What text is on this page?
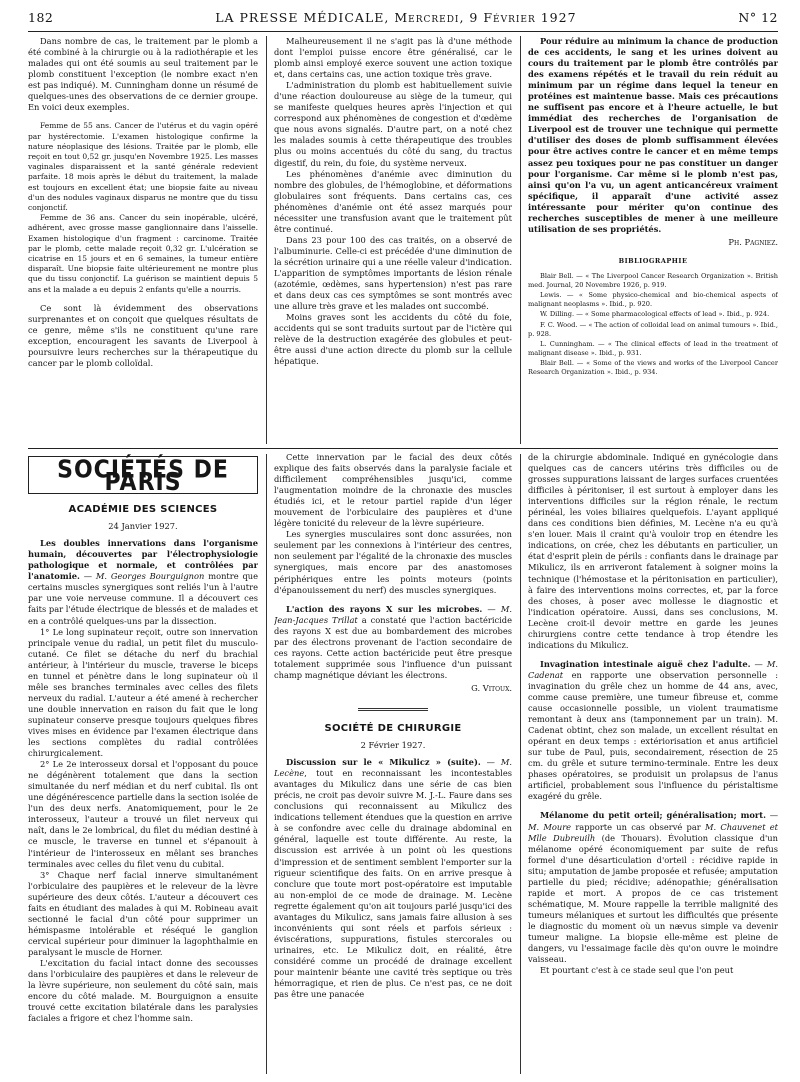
182	LA PRESSE MÉDICALE, Mercredi, 9 Février 1927	N° 12

Dans nombre de cas, le traitement par le plomb a été combiné à la chirurgie ou à la radiothérapie et les malades qui ont été soumis au seul traitement par le plomb constituent l'exception (le nombre exact n'en est pas indiqué). M. Cunningham donne un résumé de quelques-unes des observations de ce dernier groupe. En voici deux exemples.

Femme de 55 ans. Cancer de l'utérus et du vagin opéré par hystérectomie. L'examen histologique confirme la nature néoplasique des lésions. Traitée par le plomb, elle reçoit en tout 0,52 gr. jusqu'en Novembre 1925. Les masses vaginales disparaissent et la santé générale redevient parfaite. 18 mois après le début du traitement, la malade est toujours en excellent état; une biopsie faite au niveau d'un des nodules vaginaux disparus ne montre que du tissu conjonctif.

Femme de 36 ans. Cancer du sein inopérable, ulcéré, adhérent, avec grosse masse ganglionnaire dans l'aisselle. Examen histologique d'un fragment : carcinome. Traitée par le plomb, cette malade reçoit 0,32 gr. L'ulcération se cicatrise en 15 jours et en 6 semaines, la tumeur entière disparaît. Une biopsie faite ultérieurement ne montre plus que du tissu conjonctif. La guérison se maintient depuis 5 ans et la malade a eu depuis 2 enfants qu'elle a nourris.

Ce sont là évidemment des observations surprenantes et on conçoit que quelques résultats de ce genre, même s'ils ne constituent qu'une rare exception, encouragent les savants de Liverpool à poursuivre leurs recherches sur la thérapeutique du cancer par le plomb colloïdal.

Malheureusement il ne s'agit pas là d'une méthode dont l'emploi puisse encore être généralisé, car le plomb ainsi employé exerce souvent une action toxique et, dans certains cas, une action toxique très grave.

L'administration du plomb est habituellement suivie d'une réaction douloureuse au siège de la tumeur, qui se manifeste quelques heures après l'injection et qui correspond aux phénomènes de congestion et d'œdème que nous avons signalés. D'autre part, on a noté chez les malades soumis à cette thérapeutique des troubles plus ou moins accentués du côté du sang, du tractus digestif, du rein, du foie, du système nerveux.

Les phénomènes d'anémie avec diminution du nombre des globules, de l'hémoglobine, et déformations globulaires sont fréquents. Dans certains cas, ces phénomènes d'anémie ont été assez marqués pour nécessiter une transfusion avant que le traitement pût être continué.

Dans 23 pour 100 des cas traités, on a observé de l'albuminurie. Celle-ci est précédée d'une diminution de la sécrétion urinaire qui a une réelle valeur d'indication. L'apparition de symptômes importants de lésion rénale (azotémie, œdèmes, sans hypertension) n'est pas rare et dans deux cas ces symptômes se sont montrés avec une allure très grave et les malades ont succombé.

Moins graves sont les accidents du côté du foie, accidents qui se sont traduits surtout par de l'ictère qui relève de la destruction exagérée des globules et peut-être aussi d'une action directe du plomb sur la cellule hépatique.

Pour réduire au minimum la chance de production de ces accidents, le sang et les urines doivent au cours du traitement par le plomb être contrôlés par des examens répétés et le travail du rein réduit au minimum par un régime dans lequel la teneur en protéines est maintenue basse. Mais ces précautions ne suffisent pas encore et à l'heure actuelle, le but immédiat des recherches de l'organisation de Liverpool est de trouver une technique qui permette d'utiliser des doses de plomb suffisamment élevées pour être actives contre le cancer et en même temps assez peu toxiques pour ne pas constituer un danger pour l'organisme. Car même si le plomb n'est pas, ainsi qu'on l'a vu, un agent anticancéreux vraiment spécifique, il apparaît d'une activité assez intéressante pour mériter qu'on continue des recherches susceptibles de mener à une meilleure utilisation de ses propriétés.

Ph. Pagniez.
BIBLIOGRAPHIE

Blair Bell. — « The Liverpool Cancer Research Organization ». British med. Journal, 20 Novembre 1926, p. 919.

Lewis. — « Some physico-chemical and bio-chemical aspects of malignant neoplasms ». Ibid., p. 920.

W. Dilling. — « Some pharmacological effects of lead ». Ibid., p. 924.

F. C. Wood. — « The action of colloidal lead on animal tumours ». Ibid., p. 928.

L. Cunningham. — « The clinical effects of lead in the treatment of malignant disease ». Ibid., p. 931.

Blair Bell. — « Some of the views and works of the Liverpool Cancer Research Organization ». Ibid., p. 934.

SOCIÉTÉS DE PARIS
ACADÉMIE DES SCIENCES
24 Janvier 1927.

Les doubles innervations dans l'organisme humain, découvertes par l'électrophysiologie pathologique et normale, et contrôlées par l'anatomie. — M. Georges Bourguignon montre que certains muscles synergiques sont reliés l'un à l'autre par une voie nerveuse commune. Il a découvert ces faits par l'étude électrique de blessés et de malades et en a contrôlé quelques-uns par la dissection.

1° Le long supinateur reçoit, outre son innervation principale venue du radial, un petit filet du musculo-cutané. Ce filet se détache du nerf du brachial antérieur, à l'intérieur du muscle, traverse le biceps en tunnel et pénètre dans le long supinateur où il mêle ses branches terminales avec celles des filets nerveux du radial. L'auteur a été amené à rechercher une double innervation en raison du fait que le long supinateur conserve presque toujours quelques fibres vives mises en évidence par l'examen électrique dans les sections complètes du radial contrôlées chirurgicalement.

2° Le 2e interosseux dorsal et l'opposant du pouce ne dégénèrent totalement que dans la section simultanée du nerf médian et du nerf cubital. Ils ont une dégénérescence partielle dans la section isolée de l'un des deux nerfs. Anatomiquement, pour le 2e interosseux, l'auteur a trouvé un filet nerveux qui naît, dans le 2e lombrical, du filet du médian destiné à ce muscle, le traverse en tunnel et s'épanouit à l'intérieur de l'interosseux en mêlant ses branches terminales avec celles du filet venu du cubital.

3° Chaque nerf facial innerve simultanément l'orbiculaire des paupières et le releveur de la lèvre supérieure des deux côtés. L'auteur a découvert ces faits en étudiant des malades à qui M. Robineau avait sectionné le facial d'un côté pour supprimer un hémispasme intolérable et réséqué le ganglion cervical supérieur pour diminuer la lagophthalmie en paralysant le muscle de Horner.

L'excitation du facial intact donne des secousses dans l'orbiculaire des paupières et dans le releveur de la lèvre supérieure, non seulement du côté sain, mais encore du côté malade. M. Bourguignon a ensuite trouvé cette excitation bilatérale dans les paralysies faciales a frigore et chez l'homme sain.

Cette innervation par le facial des deux côtés explique des faits observés dans la paralysie faciale et difficilement compréhensibles jusqu'ici, comme l'augmentation moindre de la chronaxie des muscles étudiés ici, et le retour partiel rapide d'un léger mouvement de l'orbiculaire des paupières et d'une légère tonicité du releveur de la lèvre supérieure.

Les synergies musculaires sont donc assurées, non seulement par les connexions à l'intérieur des centres, non seulement par l'égalité de la chronaxie des muscles synergiques, mais encore par des anastomoses périphériques entre les points moteurs (points d'épanouissement du nerf) des muscles synergiques.

L'action des rayons X sur les microbes. — M. Jean-Jacques Trillat a constaté que l'action bactéricide des rayons X est due au bombardement des microbes par des électrons provenant de l'action secondaire de ces rayons. Cette action bactéricide peut être presque totalement supprimée sous l'influence d'un puissant champ magnétique déviant les électrons.

G. Vitoux.
SOCIÉTÉ DE CHIRURGIE
2 Février 1927.

Discussion sur le « Mikulicz » (suite). — M. Lecène, tout en reconnaissant les incontestables avantages du Mikulicz dans une série de cas bien précis, ne croit pas devoir suivre M. J.-L. Faure dans ses conclusions qui reconnaissent au Mikulicz des indications tellement étendues que la question en arrive à se confondre avec celle du drainage abdominal en général, laquelle est toute différente. Au reste, la discussion est arrivée à un point où les questions d'impression et de sentiment semblent l'emporter sur la rigueur scientifique des faits. On en arrive presque à conclure que toute mort post-opératoire est imputable au non-emploi de ce mode de drainage. M. Lecène regrette également qu'on ait toujours parlé jusqu'ici des avantages du Mikulicz, sans jamais faire allusion à ses inconvénients qui sont réels et parfois sérieux : éviscérations, suppurations, fistules stercorales ou urinaires, etc. Le Mikulicz doit, en réalité, être considéré comme un procédé de drainage excellent pour maintenir béante une cavité très septique ou très hémorragique, et rien de plus. Ce n'est pas, ce ne doit pas être une panacée

de la chirurgie abdominale. Indiqué en gynécologie dans quelques cas de cancers utérins très difficiles ou de grosses suppurations laissant de larges surfaces cruentées difficiles à péritoniser, il est surtout à employer dans les interventions difficiles sur la région rénale, le rectum périnéal, les voies biliaires quelquefois. L'ayant appliqué dans ces conditions bien définies, M. Lecène n'a eu qu'à s'en louer. Mais il craint qu'à vouloir trop en étendre les indications, on crée, chez les débutants en particulier, un état d'esprit plein de périls : confiants dans le drainage par Mikulicz, ils en arriveront fatalement à soigner moins la technique (l'hémostase et la péritonisation en particulier), à faire des interventions moins correctes, et, par la force des choses, à poser avec mollesse le diagnostic et l'indication opératoire. Aussi, dans ses conclusions, M. Lecène croit-il devoir mettre en garde les jeunes chirurgiens contre cette tendance à trop étendre les indications du Mikulicz.

Invagination intestinale aiguë chez l'adulte. — M. Cadenat en rapporte une observation personnelle : invagination du grêle chez un homme de 44 ans, avec, comme cause première, une tumeur fibreuse et, comme cause occasionnelle possible, un violent traumatisme remontant à deux ans (tamponnement par un train). M. Cadenat obtint, chez son malade, un excellent résultat en opérant en deux temps : extériorisation et anus artificiel sur tube de Paul, puis, secondairement, résection de 25 cm. du grêle et suture termino-terminale. Entre les deux phases opératoires, se produisit un prolapsus de l'anus artificiel, probablement sous l'influence du péristaltisme exagéré du grêle.

Mélanome du petit orteil; généralisation; mort. — M. Moure rapporte un cas observé par M. Chauvenet et Mlle Dubreuilh (de Thouars). Évolution classique d'un mélanome opéré économiquement par suite de refus formel d'une désarticulation d'orteil : récidive rapide in situ; amputation de jambe proposée et refusée; amputation partielle du pied; récidive; adénopathie; généralisation rapide et mort. A propos de ce cas tristement schématique, M. Moure rappelle la terrible malignité des tumeurs mélaniques et surtout les difficultés que présente le diagnostic du moment où un nævus simple va devenir tumeur maligne. La biopsie elle-même est pleine de dangers, vu l'essaimage facile dès qu'on ouvre le moindre vaisseau.

Et pourtant c'est à ce stade seul que l'on peut
